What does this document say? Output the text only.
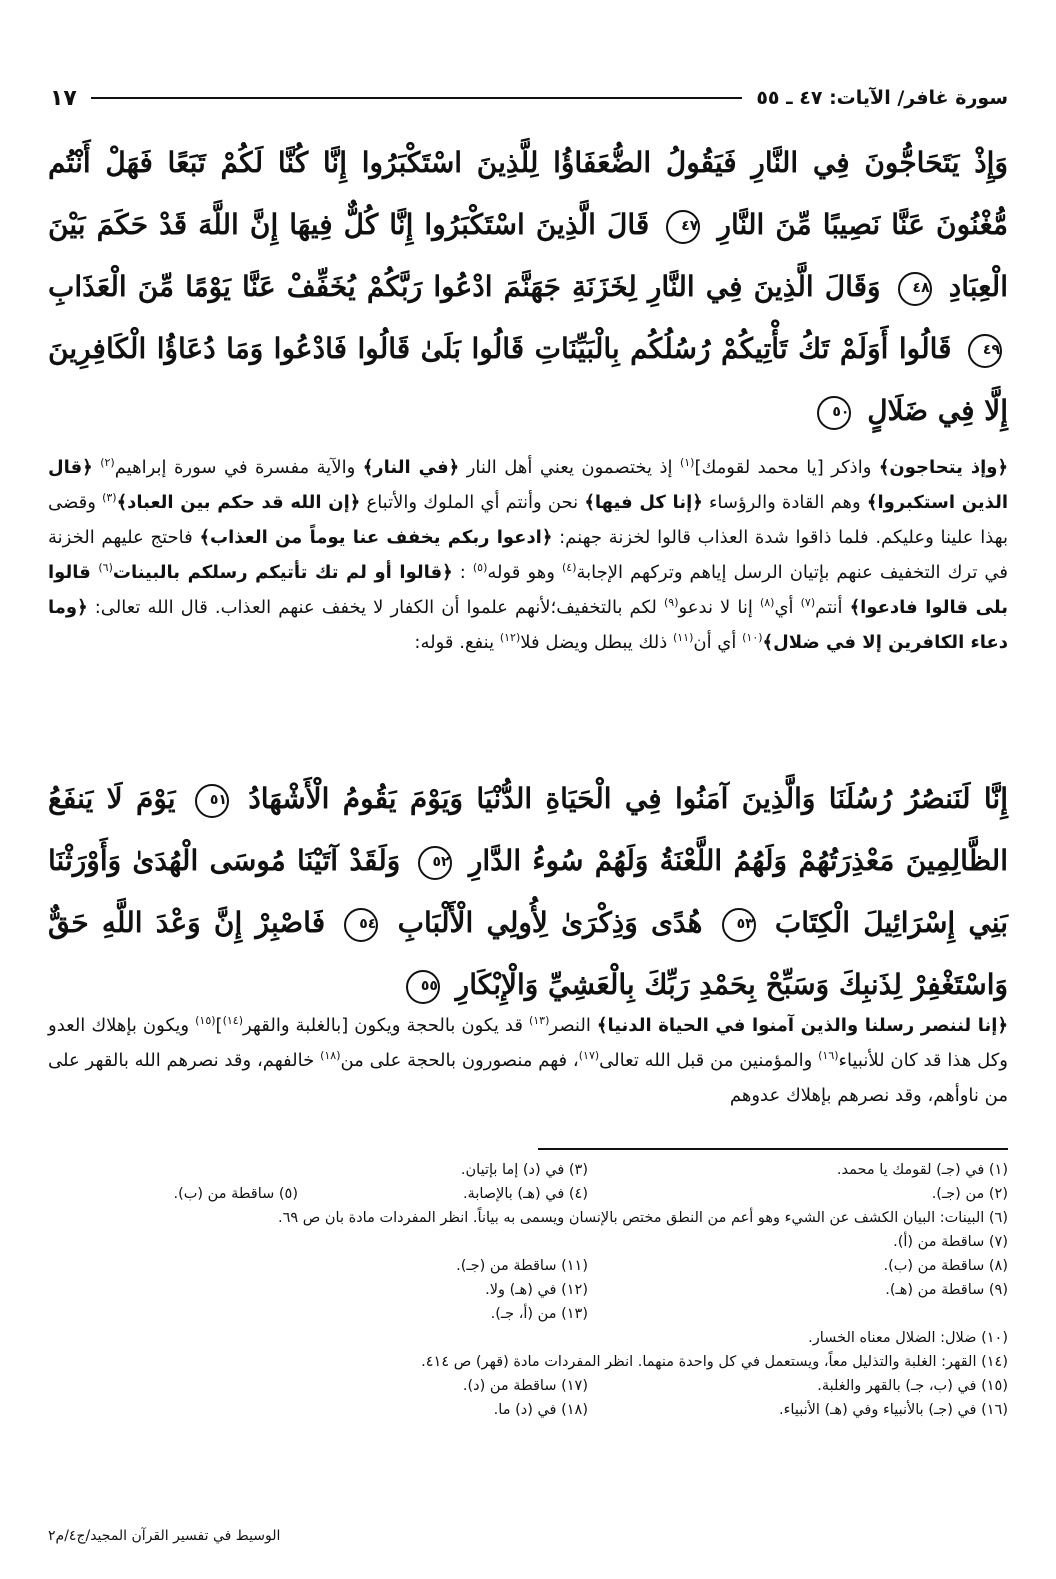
سورة غافر/ الآيات: ٤٧ ـ ٥٥
١٧
وَإِذْ يَتَحَاجُّونَ فِي النَّارِ فَيَقُولُ الضُّعَفَاؤُا لِلَّذِينَ اسْتَكْبَرُوا إِنَّا كُنَّا لَكُمْ تَبَعًا فَهَلْ أَنْتُم مُّغْنُونَ عَنَّا نَصِيبًا مِّنَ النَّارِ ٤٧ قَالَ الَّذِينَ اسْتَكْبَرُوا إِنَّا كُلٌّ فِيهَا إِنَّ اللَّهَ قَدْ حَكَمَ بَيْنَ الْعِبَادِ ٤٨ وَقَالَ الَّذِينَ فِي النَّارِ لِخَزَنَةِ جَهَنَّمَ ادْعُوا رَبَّكُمْ يُخَفِّفْ عَنَّا يَوْمًا مِّنَ الْعَذَابِ ٤٩ قَالُوا أَوَلَمْ تَكُ تَأْتِيكُمْ رُسُلُكُم بِالْبَيِّنَاتِ قَالُوا بَلَىٰ قَالُوا فَادْعُوا وَمَا دُعَاؤُا الْكَافِرِينَ إِلَّا فِي ضَلَالٍ ٥٠
﴿وإذ يتحاجون﴾ واذكر [يا محمد لقومك]$^{(١)}$ إذ يختصمون يعني أهل النار ﴿في النار﴾ والآية مفسرة في سورة إبراهيم$^{(٢)}$ ﴿قال الذين استكبروا﴾ وهم القادة والرؤساء ﴿إنا كل فيها﴾ نحن وأنتم أي الملوك والأتباع ﴿إن الله قد حكم بين العباد﴾$^{(٣)}$ وقضى بهذا علينا وعليكم. فلما ذاقوا شدة العذاب قالوا لخزنة جهنم: ﴿ادعوا ربكم يخفف عنا يوماً من العذاب﴾ فاحتج عليهم الخزنة في ترك التخفيف عنهم بإتيان الرسل إياهم وتركهم الإجابة$^{(٤)}$ وهو قوله$^{(٥)}$ : ﴿قالوا أو لم تك تأتيكم رسلكم بالبينات$^{(٦)}$ قالوا بلى قالوا فادعوا﴾ أنتم$^{(٧)}$ أي$^{(٨)}$ إنا لا ندعو$^{(٩)}$ لكم بالتخفيف؛لأنهم علموا أن الكفار لا يخفف عنهم العذاب. قال الله تعالى: ﴿وما دعاء الكافرين إلا في ضلال﴾$^{(١٠)}$ أي أن$^{(١١)}$ ذلك يبطل ويضل فلا$^{(١٢)}$ ينفع. قوله:
إِنَّا لَنَنصُرُ رُسُلَنَا وَالَّذِينَ آمَنُوا فِي الْحَيَاةِ الدُّنْيَا وَيَوْمَ يَقُومُ الْأَشْهَادُ ٥١ يَوْمَ لَا يَنفَعُ الظَّالِمِينَ مَعْذِرَتُهُمْ وَلَهُمُ اللَّعْنَةُ وَلَهُمْ سُوءُ الدَّارِ ٥٢ وَلَقَدْ آتَيْنَا مُوسَى الْهُدَىٰ وَأَوْرَثْنَا بَنِي إِسْرَائِيلَ الْكِتَابَ ٥٣ هُدًى وَذِكْرَىٰ لِأُولِي الْأَلْبَابِ ٥٤ فَاصْبِرْ إِنَّ وَعْدَ اللَّهِ حَقٌّ وَاسْتَغْفِرْ لِذَنبِكَ وَسَبِّحْ بِحَمْدِ رَبِّكَ بِالْعَشِيِّ وَالْإِبْكَارِ ٥٥
﴿إنا لننصر رسلنا والذين آمنوا في الحياة الدنيا﴾ النصر$^{(١٣)}$ قد يكون بالحجة ويكون [بالغلبة والقهر$^{(١٤)}$]$^{(١٥)}$ ويكون بإهلاك العدو وكل هذا قد كان للأنبياء$^{(١٦)}$ والمؤمنين من قبل الله تعالى$^{(١٧)}$، فهم منصورون بالحجة على من$^{(١٨)}$ خالفهم، وقد نصرهم الله بالقهر على من ناوأهم، وقد نصرهم بإهلاك عدوهم
(١) في (جـ) لقومك يا محمد.
(٣) في (د) إما بإتيان.
(٢) من (جـ).
(٤) في (هـ) بالإصابة.
(٥) ساقطة من (ب).
(٦) البينات: البيان الكشف عن الشيء وهو أعم من النطق مختص بالإنسان ويسمى به بياناً. انظر المفردات مادة بان ص ٦٩.
(٧) ساقطة من (أ).
(٨) ساقطة من (ب).
(١١) ساقطة من (جـ).
(٩) ساقطة من (هـ).
(١٢) في (هـ) ولا.
(١٣) من (أ، جـ).
(١٠) ضلال: الضلال معناه الخسار.
(١٤) القهر: الغلبة والتذليل معاً، ويستعمل في كل واحدة منهما. انظر المفردات مادة (قهر) ص ٤١٤.
(١٥) في (ب، جـ) بالقهر والغلبة.
(١٧) ساقطة من (د).
(١٦) في (جـ) بالأنبياء وفي (هـ) الأنبياء.
(١٨) في (د) ما.
الوسيط في تفسير القرآن المجيد/ج٤/م٢
